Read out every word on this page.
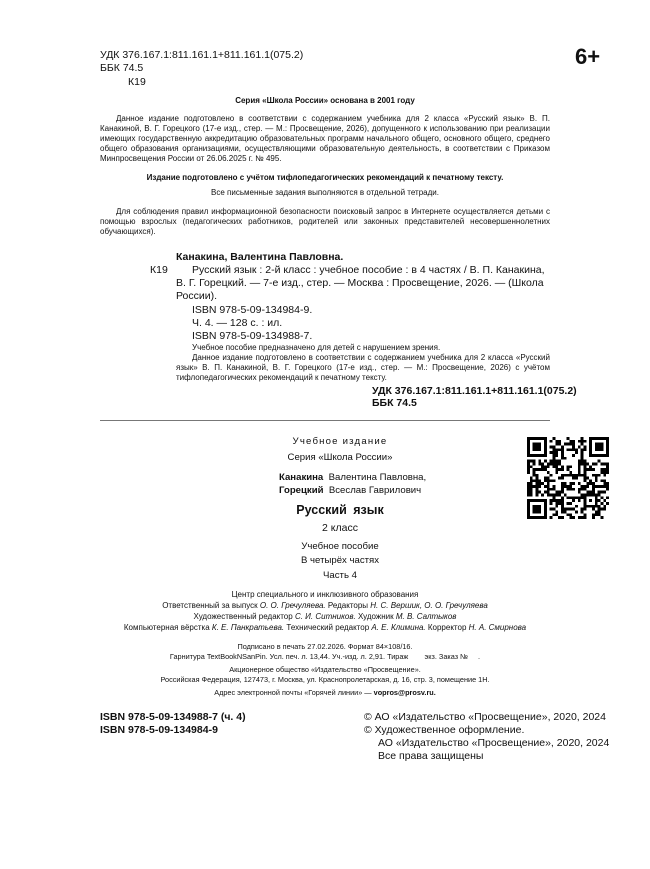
УДК 376.167.1:811.161.1+811.161.1(075.2)
ББК 74.5
К19
6+
Серия «Школа России» основана в 2001 году
Данное издание подготовлено в соответствии с содержанием учебника для 2 класса «Русский язык» В. П. Канакиной, В. Г. Горецкого (17-е изд., стер. — М.: Просвещение, 2026), допущенного к использованию при реализации имеющих государственную аккредитацию образовательных программ начального общего, основного общего, среднего общего образования организациями, осуществляющими образовательную деятельность, в соответствии с Приказом Минпросвещения России от 26.06.2025 г. № 495.
Издание подготовлено с учётом тифлопедагогических рекомендаций к печатному тексту.
Все письменные задания выполняются в отдельной тетради.
Для соблюдения правил информационной безопасности поисковый запрос в Интернете осуществляется детьми с помощью взрослых (педагогических работников, родителей или законных представителей несовершеннолетних обучающихся).
Канакина, Валентина Павловна.
К19	Русский язык : 2-й класс : учебное пособие : в 4 частях / В. П. Канакина, В. Г. Горецкий. — 7-е изд., стер. — Москва : Просвещение, 2026. — (Школа России).
ISBN 978-5-09-134984-9.
Ч. 4. — 128 с. : ил.
ISBN 978-5-09-134988-7.
Учебное пособие предназначено для детей с нарушением зрения.
Данное издание подготовлено в соответствии с содержанием учебника для 2 класса «Русский язык» В. П. Канакиной, В. Г. Горецкого (17-е изд., стер. — М.: Просвещение, 2026) с учётом тифлопедагогических рекомендаций к печатному тексту.
УДК 376.167.1:811.161.1+811.161.1(075.2)
ББК 74.5
Учебное издание
Серия «Школа России»
Канакина Валентина Павловна,
Горецкий Всеслав Гаврилович
Русский язык
2 класс
Учебное пособие
В четырёх частях
Часть 4
Центр специального и инклюзивного образования
Ответственный за выпуск О. О. Гречуляева. Редакторы Н. С. Вершик, О. О. Гречуляева
Художественный редактор С. И. Ситников. Художник М. В. Салтыков
Компьютерная вёрстка К. Е. Панкратьева. Технический редактор А. Е. Климина. Корректор Н. А. Смирнова
Подписано в печать 27.02.2026. Формат 84×108/16.
Гарнитура TextBookNSanPin. Усл. печ. л. 13,44. Уч.-изд. л. 2,91. Тираж        экз. Заказ №     .
Акционерное общество «Издательство «Просвещение».
Российская Федерация, 127473, г. Москва, ул. Краснопролетарская, д. 16, стр. 3, помещение 1Н.
Адрес электронной почты «Горячей линии» — vopros@prosv.ru.
ISBN 978-5-09-134988-7 (ч. 4)
ISBN 978-5-09-134984-9
© АО «Издательство «Просвещение», 2020, 2024
© Художественное оформление.
АО «Издательство «Просвещение», 2020, 2024
Все права защищены
